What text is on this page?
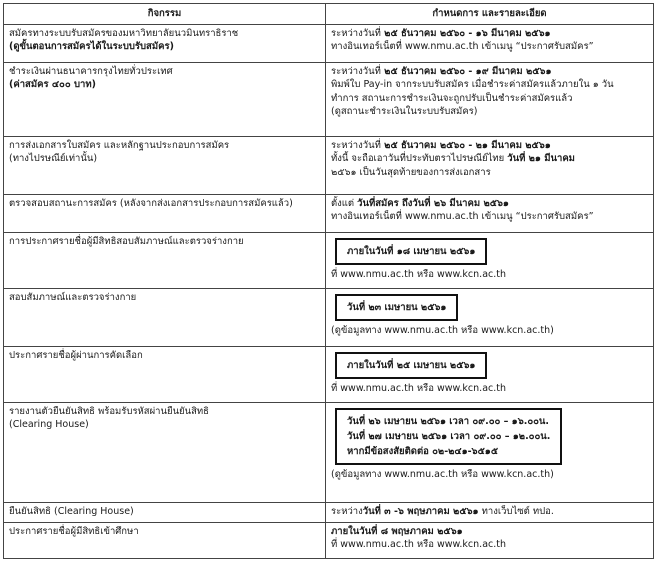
กิจกรรม	กำหนดการ และรายละเอียด

สมัครทางระบบรับสมัครของมหาวิทยาลัยนวมินทราธิราช
(ดูขั้นตอนการสมัครได้ในระบบรับสมัคร)	ระหว่างวันที่ ๒๕ ธันวาคม ๒๕๖๐ - ๑๖ มีนาคม ๒๕๖๑
ทางอินเทอร์เน็ตที่ www.nmu.ac.th เข้าเมนู “ประกาศรับสมัคร”

ชำระเงินผ่านธนาคารกรุงไทยทั่วประเทศ
(ค่าสมัคร ๔๐๐ บาท)	ระหว่างวันที่ ๒๕ ธันวาคม ๒๕๖๐ - ๑๙ มีนาคม ๒๕๖๑
พิมพ์ใบ Pay-in จากระบบรับสมัคร เมื่อชำระค่าสมัครแล้วภายใน ๑ วัน
ทำการ สถานะการชำระเงินจะถูกปรับเป็นชำระค่าสมัครแล้ว
(ดูสถานะชำระเงินในระบบรับสมัคร)

การส่งเอกสารใบสมัคร และหลักฐานประกอบการสมัคร
(ทางไปรษณีย์เท่านั้น)	ระหว่างวันที่ ๒๕ ธันวาคม ๒๕๖๐ - ๒๑ มีนาคม ๒๕๖๑
ทั้งนี้ จะถือเอาวันที่ประทับตราไปรษณีย์ไทย วันที่ ๒๑ มีนาคม
๒๕๖๑ เป็นวันสุดท้ายของการส่งเอกสาร

ตรวจสอบสถานะการสมัคร (หลังจากส่งเอกสารประกอบการสมัครแล้ว)	ตั้งแต่ วันที่สมัคร ถึงวันที่ ๒๖ มีนาคม ๒๕๖๑
ทางอินเทอร์เน็ตที่ www.nmu.ac.th เข้าเมนู “ประกาศรับสมัคร”

การประกาศรายชื่อผู้มีสิทธิสอบสัมภาษณ์และตรวจร่างกาย	ภายในวันที่ ๑๘ เมษายน ๒๕๖๑
ที่ www.nmu.ac.th หรือ www.kcn.ac.th

สอบสัมภาษณ์และตรวจร่างกาย	วันที่ ๒๓ เมษายน ๒๕๖๑
(ดูข้อมูลทาง www.nmu.ac.th หรือ www.kcn.ac.th)

ประกาศรายชื่อผู้ผ่านการคัดเลือก	ภายในวันที่ ๒๕ เมษายน ๒๕๖๑
ที่ www.nmu.ac.th หรือ www.kcn.ac.th

รายงานตัวยืนยันสิทธิ พร้อมรับรหัสผ่านยืนยันสิทธิ
(Clearing House)	วันที่ ๒๖ เมษายน ๒๕๖๑ เวลา ๐๙.๐๐ – ๑๖.๐๐น.
วันที่ ๒๗ เมษายน ๒๕๖๑ เวลา ๐๙.๐๐ – ๑๒.๐๐น.
หากมีข้อสงสัยติดต่อ ๐๒-๒๔๑-๖๕๑๕
(ดูข้อมูลทาง www.nmu.ac.th หรือ www.kcn.ac.th)

ยืนยันสิทธิ (Clearing House)	ระหว่างวันที่ ๓ -๖ พฤษภาคม ๒๕๖๑ ทางเว็บไซต์ ทปอ.

ประกาศรายชื่อผู้มีสิทธิเข้าศึกษา	ภายในวันที่ ๘ พฤษภาคม ๒๕๖๑
ที่ www.nmu.ac.th หรือ www.kcn.ac.th
